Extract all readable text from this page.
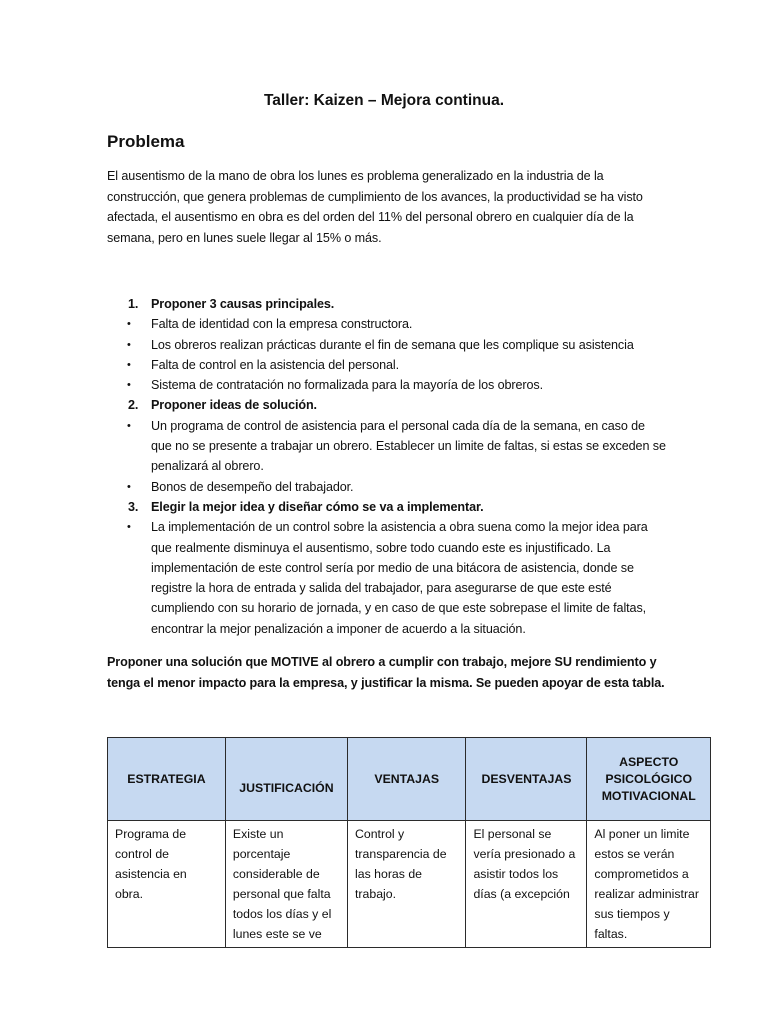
Taller: Kaizen – Mejora continua.
Problema
El ausentismo de la mano de obra los lunes es problema generalizado en la industria de la construcción, que genera problemas de cumplimiento de los avances, la productividad se ha visto afectada, el ausentismo en obra es del orden del 11% del personal obrero en cualquier día de la semana, pero en lunes suele llegar al 15% o más.
1. Proponer 3 causas principales.
• Falta de identidad con la empresa constructora.
• Los obreros realizan prácticas durante el fin de semana que les complique su asistencia
• Falta de control en la asistencia del personal.
• Sistema de contratación no formalizada para la mayoría de los obreros.
2. Proponer ideas de solución.
• Un programa de control de asistencia para el personal cada día de la semana, en caso de que no se presente a trabajar un obrero. Establecer un limite de faltas, si estas se exceden se penalizará al obrero.
• Bonos de desempeño del trabajador.
3. Elegir la mejor idea y diseñar cómo se va a implementar.
• La implementación de un control sobre la asistencia a obra suena como la mejor idea para que realmente disminuya el ausentismo, sobre todo cuando este es injustificado. La implementación de este control sería por medio de una bitácora de asistencia, donde se registre la hora de entrada y salida del trabajador, para asegurarse de que este esté cumpliendo con su horario de jornada, y en caso de que este sobrepase el limite de faltas, encontrar la mejor penalización a imponer de acuerdo a la situación.
Proponer una solución que MOTIVE al obrero a cumplir con trabajo, mejore SU rendimiento y tenga el menor impacto para la empresa, y justificar la misma. Se pueden apoyar de esta tabla.
ESTRATEGIA	JUSTIFICACIÓN	VENTAJAS	DESVENTAJAS	ASPECTO PSICOLÓGICO MOTIVACIONAL
Programa de control de asistencia en obra.	Existe un porcentaje considerable de personal que falta todos los días y el lunes este se ve	Control y transparencia de las horas de trabajo.	El personal se vería presionado a asistir todos los días (a excepción	Al poner un limite estos se verán comprometidos a realizar administrar sus tiempos y faltas.
